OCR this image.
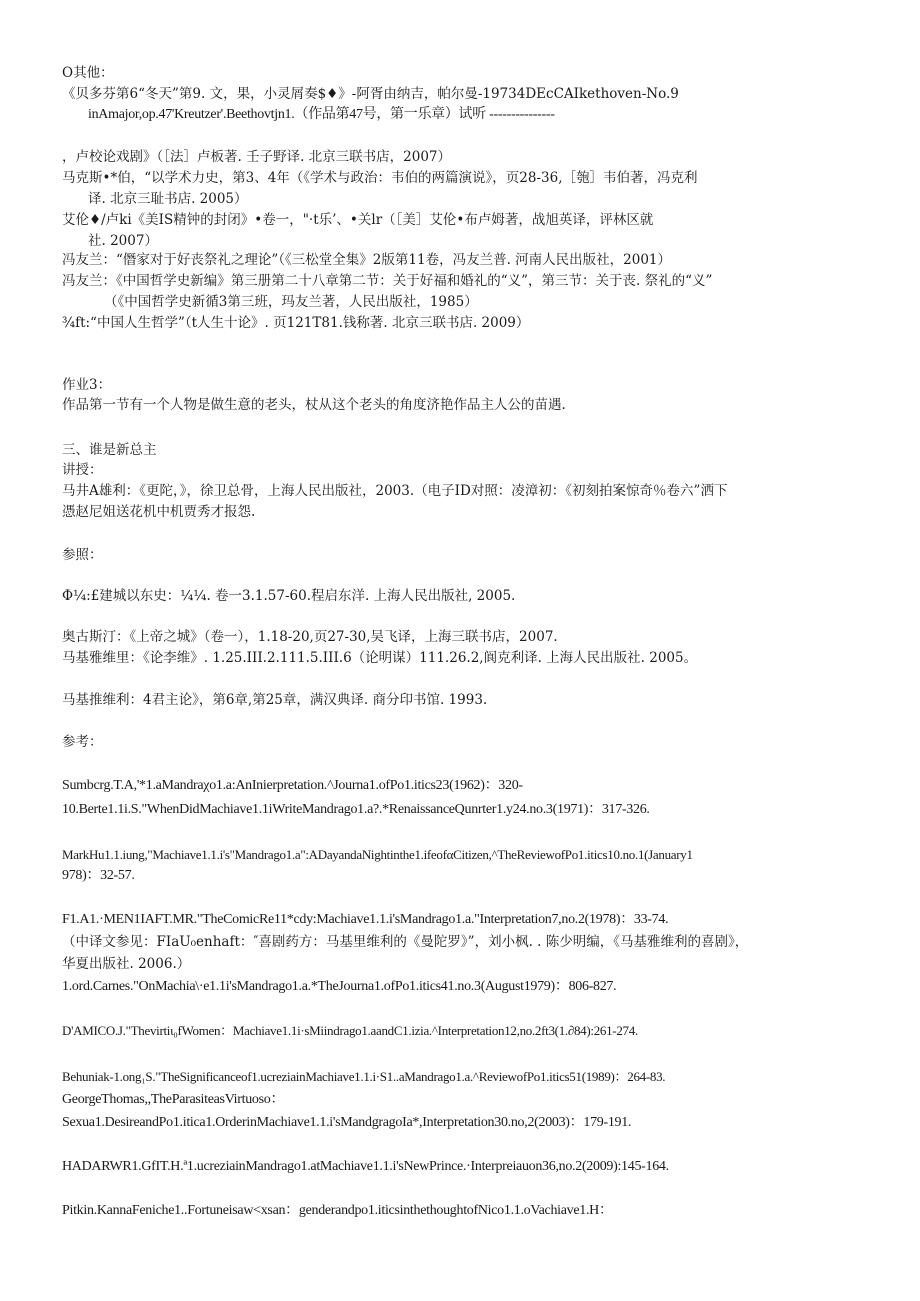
O其他：
《贝多芬第6“冬天”第9. 文，果，小灵屑奏$♦》-阿胥由纳吉，帕尔曼-19734DEcCAIkethoven-No.9
inAmajor,op.47'Kreutzer'.Beethovtjn1.（作品第47号，第一乐章）试听 ---------------
，卢校论戏剧》（［法］卢板著. 壬子野译. 北京三联书店，2007）
马克斯•*伯，“以学术力史，第3、4年（《学术与政治：韦伯的两篇演说》，页28-36,［匏］韦伯著，冯克利
译. 北京三耻书店. 2005）
艾伦♦/卢ki《美IS精钟的封闭》•卷一，"·t乐’、•关lr（［美］艾伦•布卢姆著，战旭英译，评林区就
社. 2007）
冯友兰：“僭家对于好丧祭礼之理论”（《三松堂全集》2版第11卷，冯友兰普. 河南人民出版社，2001）
冯友兰：《中国哲学史新编》第三册第二十八章第二节：关于好福和婚礼的“义”，第三节：关于丧. 祭礼的“义”
（《中国哲学史新循3第三班，玛友兰著，人民出版社，1985）
¾ft:“中国人生哲学”（t人生十论》. 页121T81.钱称著. 北京三联书店. 2009）
作业3：
作品第一节有一个人物是做生意的老头，杖从这个老头的角度济艳作品主人公的苗遇.
三、谁是新总主
讲授：
马井A雄利：《更陀，》，徐卫总骨，上海人民出版社，2003.（电子ID对照：凌漳初：《初刻拍案惊奇％卷六”洒下
憑赵尼姐送花机中机贾秀才报怨.
参照：
Φ¼:£建城以东史：¼¼. 卷一3.1.57-60.程启东洋. 上海人民出版社, 2005.
奥古斯汀：《上帝之城》（卷一），1.18-20,页27-30,吴飞译，上海三联书店，2007.
马基雅维里：《论李维》. 1.25.III.2.111.5.III.6（论明谋）111.26.2,阆克利译. 上海人民出版社. 2005。
马基推维利：4君主论》，第6章,第25章，满汉典译. 商分印书馆. 1993.
参考：
Sumbcrg.T.A,'*1.aMandraχo1.a:AnInierpretation.^Journa1.ofPo1.itics23(1962)：320-
10.Berte1.1i.S."WhenDidMachiave1.1iWriteMandrago1.a?.*RenaissanceQunrter1.y24.no.3(1971)：317-326.
MarkHu1.1.iung,"Machiave1.1.i's"Mandrago1.a":ADayandaNightinthe1.ifeofαCitizen,^TheReviewofPo1.itics10.no.1(January1
978)：32-57.
F1.A1.·MEN1IAFT.MR."TheComicRe11*cdy:Machiave1.1.i'sMandrago1.a."Interpretation7,no.2(1978)：33-74.
（中译文参见：FIaU₀enhaft：″喜剧药方：马基里维利的《曼陀罗》”，刘小枫. . 陈少明编，《马基雅维利的喜剧》，
华夏出版社. 2006.）
1.ord.Carnes."OnMachia\·e1.1i'sMandrago1.a.*TheJourna1.ofPo1.itics41.no.3(August1979)：806-827.
D'AMICO.J."Thevirtiι₀fWomen：Machiave1.1i·sMiindrago1.aandC1.izia.^Interpretation12,no.2ft3(1.∂84):261-274.
Behuniak-1.ong₁S."TheSignificanceof1.ucreziainMachiave1.1.i·S1..aMandrago1.a.^ReviewofPo1.itics51(1989)：264-83.
GeorgeThomas,,TheParasiteasVirtuoso：
Sexua1.DesireandPo1.itica1.OrderinMachiave1.1.i'sMandgragoIa*,Interpretation30.no,2(2003)：179-191.
HADARWR1.GfIT.H.ª1.ucreziainMandrago1.atMachiave1.1.i'sNewPrince.·Interpreiauon36,no.2(2009):145-164.
Pitkin.KannaFeniche1..Fortuneisaw<xsan：genderandpo1.iticsinthethoughtofNico1.1.oVachiave1.H：
